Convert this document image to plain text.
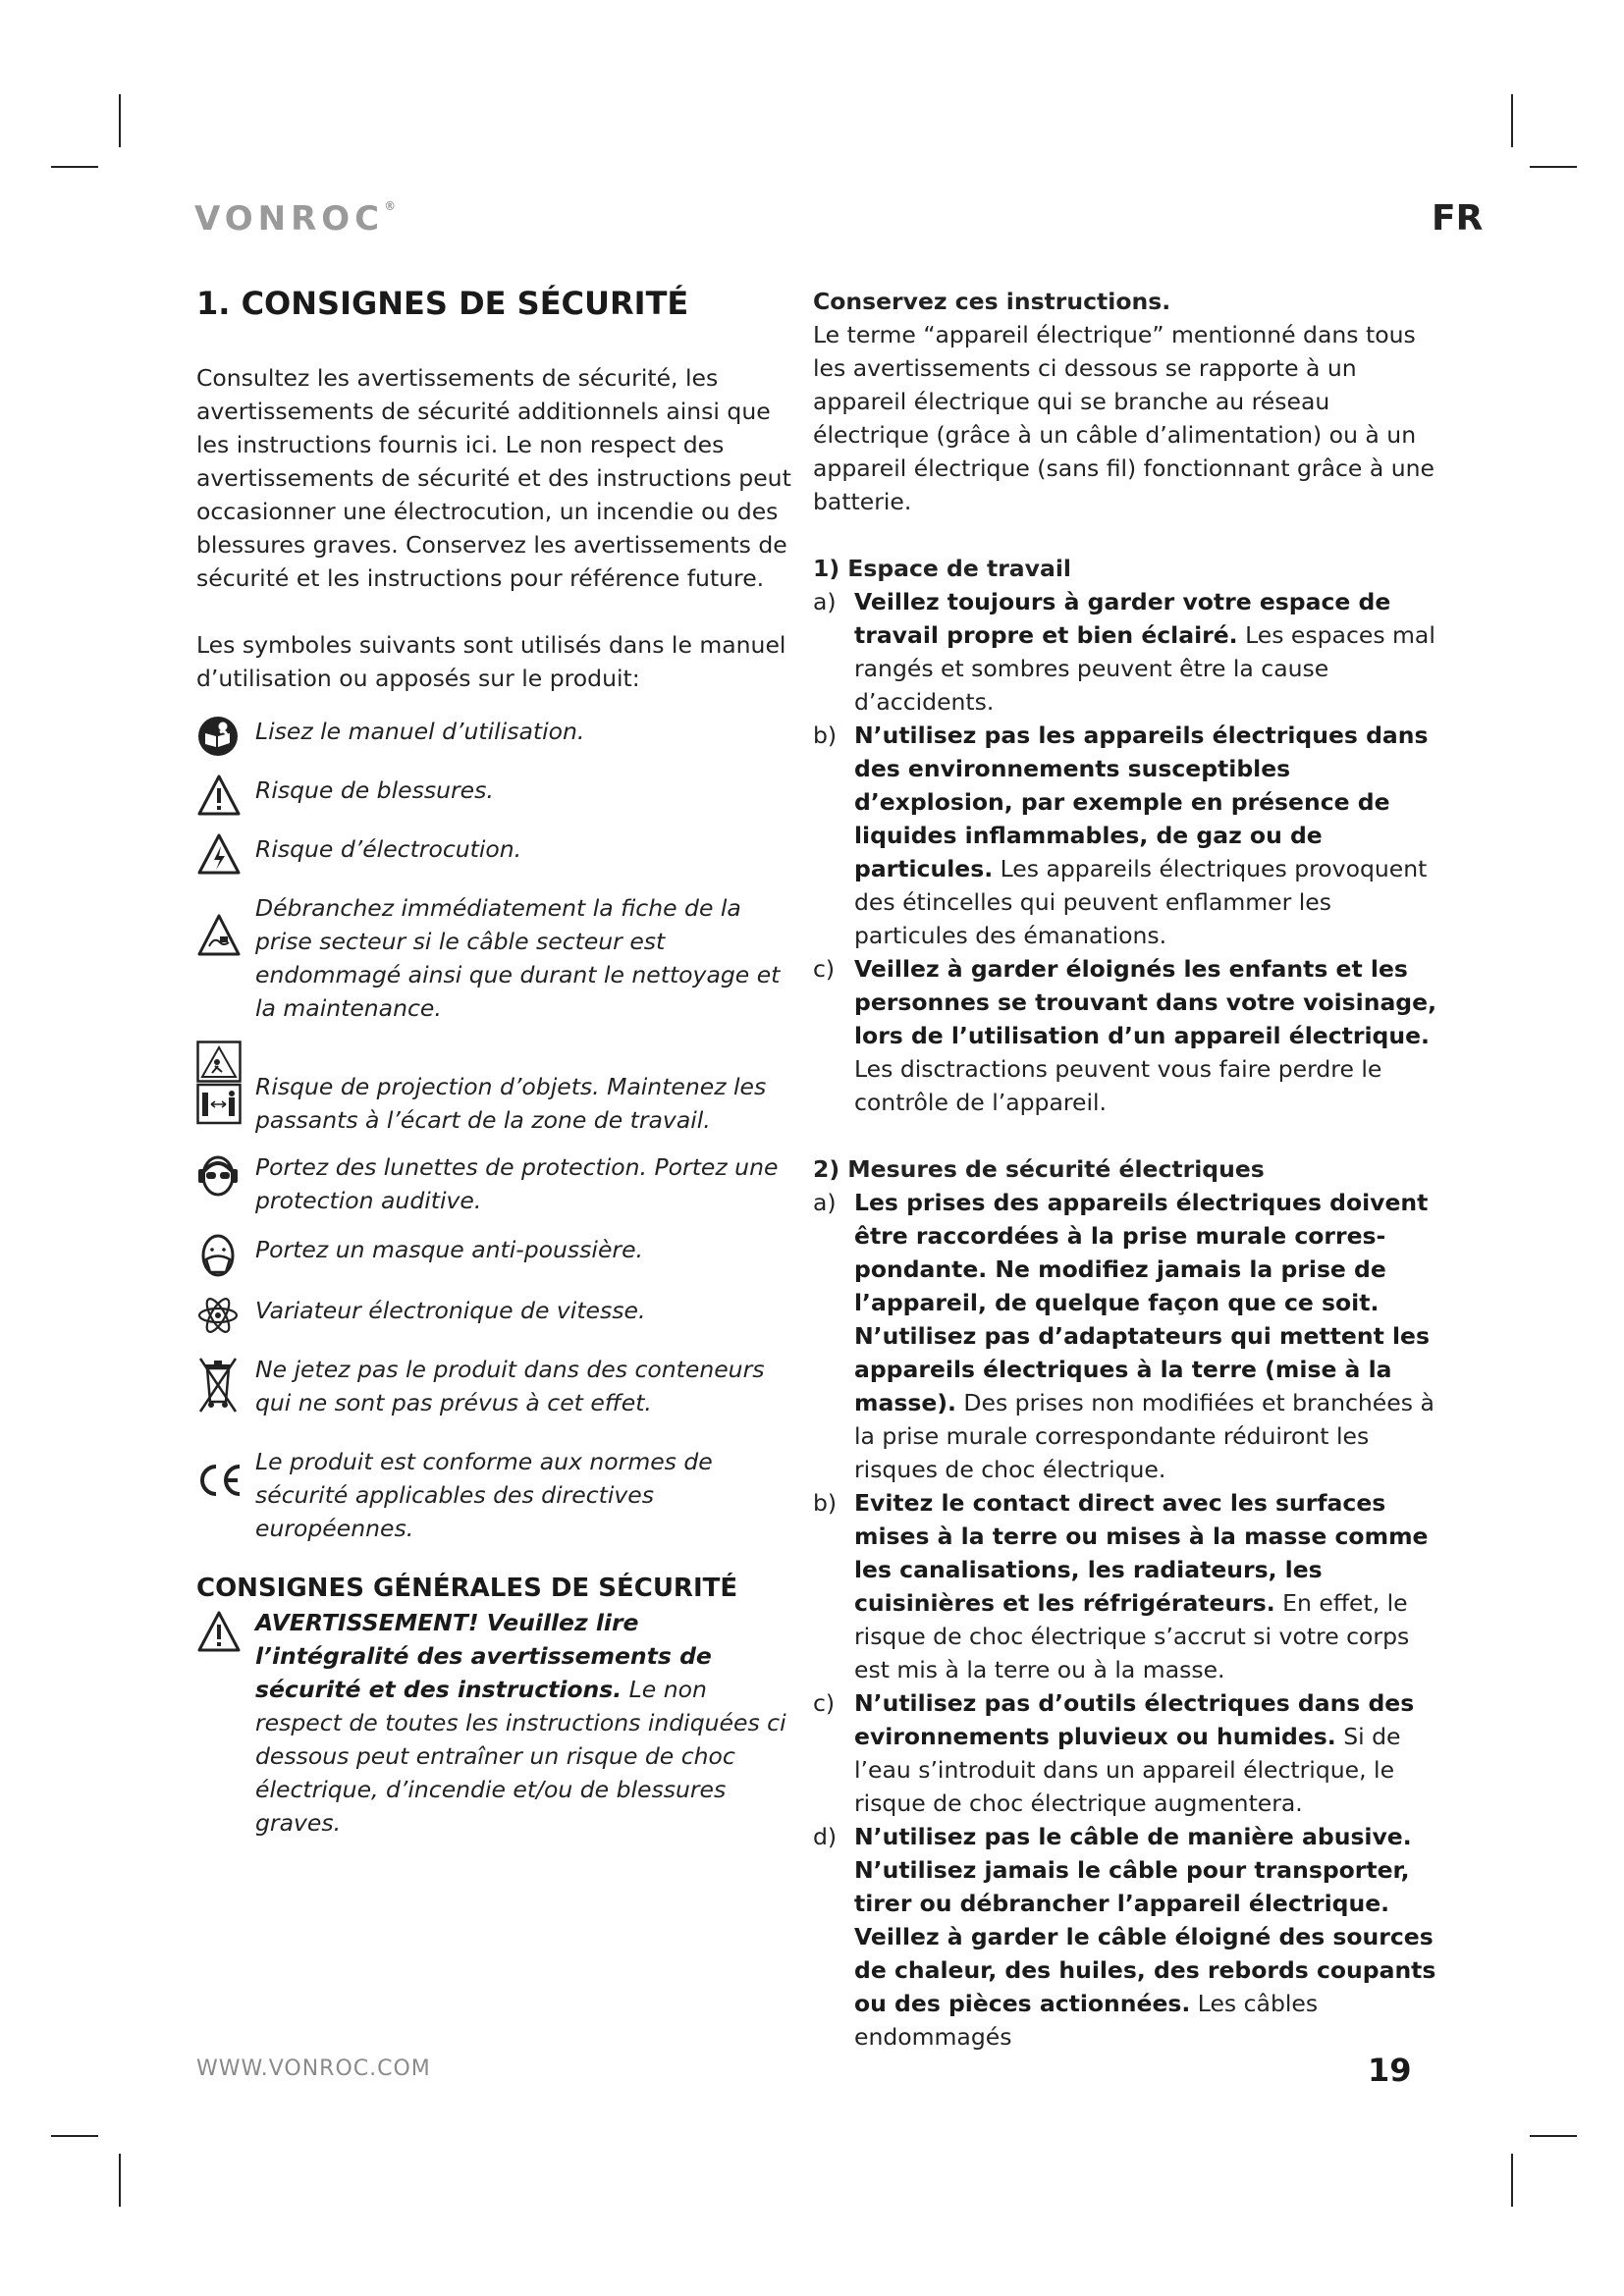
VONROC®	FR
1. CONSIGNES DE SÉCURITÉ

Consultez les avertissements de sécurité, les avertissements de sécurité additionnels ainsi que les instructions fournis ici. Le non respect des avertissements de sécurité et des instructions peut occasionner une électrocution, un incendie ou des blessures graves. Conservez les avertissements de sécurité et les instructions pour référence future.

Les symboles suivants sont utilisés dans le manuel d’utilisation ou apposés sur le produit:

Lisez le manuel d’utilisation.
Risque de blessures.
Risque d’électrocution.
Débranchez immédiatement la fiche de la prise secteur si le câble secteur est endommagé ainsi que durant le nettoyage et la maintenance.
Risque de projection d’objets. Maintenez les passants à l’écart de la zone de travail.
Portez des lunettes de protection. Portez une protection auditive.
Portez un masque anti-poussière.
Variateur électronique de vitesse.
Ne jetez pas le produit dans des conteneurs qui ne sont pas prévus à cet effet.
Le produit est conforme aux normes de sécurité applicables des directives européennes.
CONSIGNES GÉNÉRALES DE SÉCURITÉ
AVERTISSEMENT! Veuillez lire l’intégralité des avertissements de sécurité et des instructions. Le non respect de toutes les instructions indiquées ci dessous peut entraîner un risque de choc électrique, d’incendie et/ou de blessures graves.

Conservez ces instructions.

Le terme “appareil électrique” mentionné dans tous les avertissements ci dessous se rapporte à un appareil électrique qui se branche au réseau électrique (grâce à un câble d’alimentation) ou à un appareil électrique (sans fil) fonctionnant grâce à une batterie.

1) Espace de travail

a) Veillez toujours à garder votre espace de travail propre et bien éclairé. Les espaces mal rangés et sombres peuvent être la cause d’accidents.
b) N’utilisez pas les appareils électriques dans des environnements susceptibles d’explosion, par exemple en présence de liquides inflammables, de gaz ou de particules. Les appareils électriques provoquent des étincelles qui peuvent enflammer les particules des émanations.
c) Veillez à garder éloignés les enfants et les personnes se trouvant dans votre voisinage, lors de l’utilisation d’un appareil électrique. Les disctractions peuvent vous faire perdre le contrôle de l’appareil.

2) Mesures de sécurité électriques

a) Les prises des appareils électriques doivent être raccordées à la prise murale corres-pondante. Ne modifiez jamais la prise de l’appareil, de quelque façon que ce soit. N’utilisez pas d’adaptateurs qui mettent les appareils électriques à la terre (mise à la masse). Des prises non modifiées et branchées à la prise murale correspondante réduiront les risques de choc électrique.
b) Evitez le contact direct avec les surfaces mises à la terre ou mises à la masse comme les canalisations, les radiateurs, les cuisinières et les réfrigérateurs. En effet, le risque de choc électrique s’accrut si votre corps est mis à la terre ou à la masse.
c) N’utilisez pas d’outils électriques dans des evironnements pluvieux ou humides. Si de l’eau s’introduit dans un appareil électrique, le risque de choc électrique augmentera.
d) N’utilisez pas le câble de manière abusive. N’utilisez jamais le câble pour transporter, tirer ou débrancher l’appareil électrique. Veillez à garder le câble éloigné des sources de chaleur, des huiles, des rebords coupants ou des pièces actionnées. Les câbles endommagés
WWW.VONROC.COM	19
